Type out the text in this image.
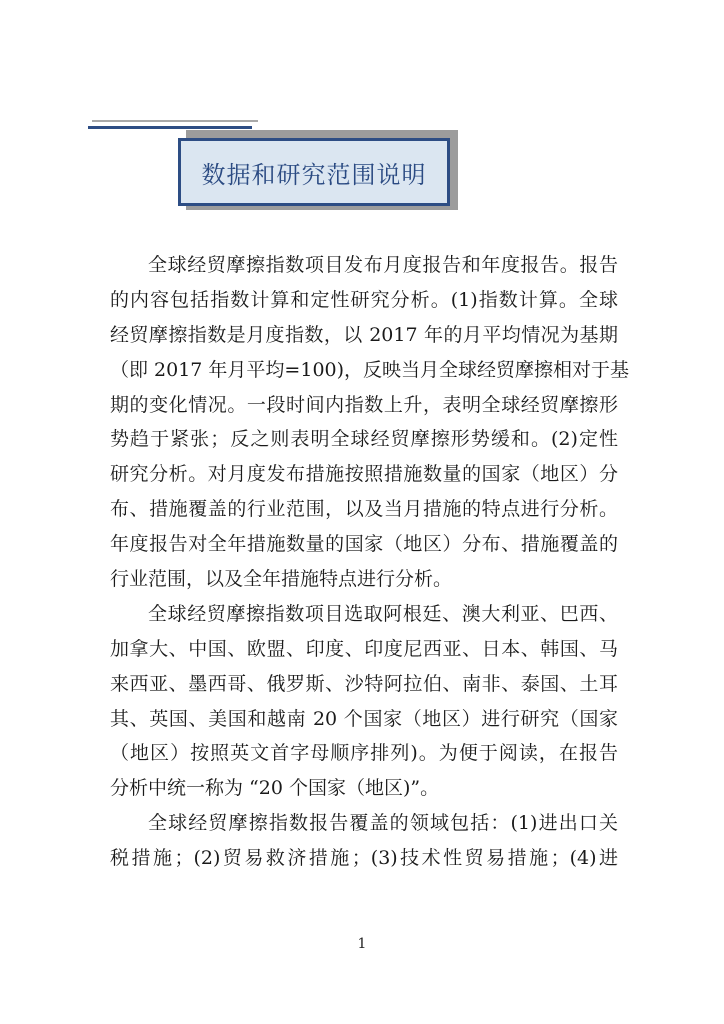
数据和研究范围说明
全球经贸摩擦指数项目发布月度报告和年度报告。报告
的内容包括指数计算和定性研究分析。(1)指数计算。全球
经贸摩擦指数是月度指数，以 2017 年的月平均情况为基期
（即 2017 年月平均=100)，反映当月全球经贸摩擦相对于基
期的变化情况。一段时间内指数上升，表明全球经贸摩擦形
势趋于紧张；反之则表明全球经贸摩擦形势缓和。(2)定性
研究分析。对月度发布措施按照措施数量的国家（地区）分
布、措施覆盖的行业范围，以及当月措施的特点进行分析。
年度报告对全年措施数量的国家（地区）分布、措施覆盖的
行业范围，以及全年措施特点进行分析。
全球经贸摩擦指数项目选取阿根廷、澳大利亚、巴西、
加拿大、中国、欧盟、印度、印度尼西亚、日本、韩国、马
来西亚、墨西哥、俄罗斯、沙特阿拉伯、南非、泰国、土耳
其、英国、美国和越南 20 个国家（地区）进行研究（国家
（地区）按照英文首字母顺序排列)。为便于阅读，在报告
分析中统一称为 “20 个国家（地区)”。
全球经贸摩擦指数报告覆盖的领域包括：(1)进出口关
税措施；(2)贸易救济措施；(3)技术性贸易措施；(4)进
1
